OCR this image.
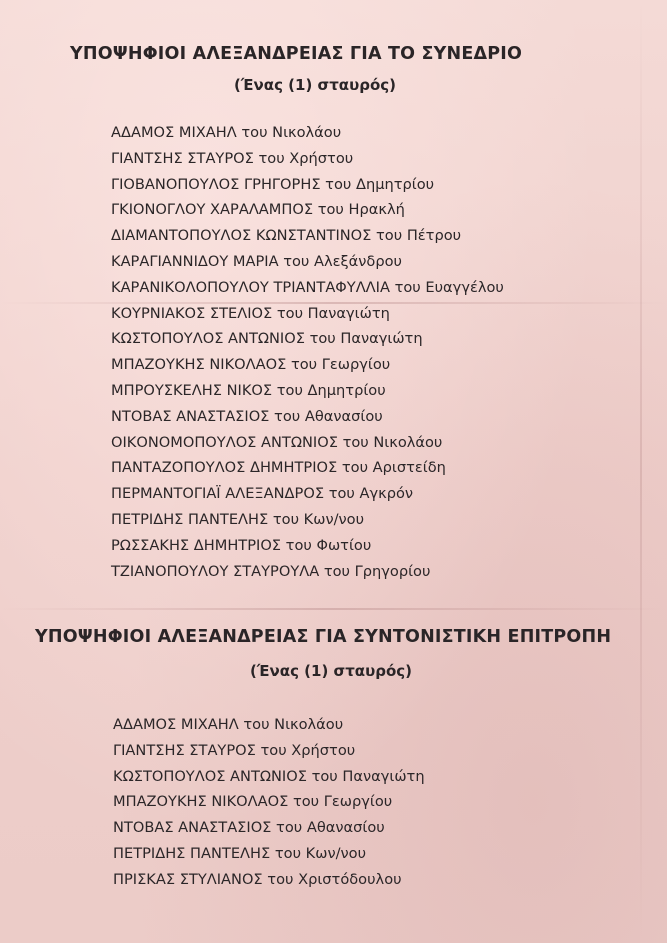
ΥΠΟΨΗΦΙΟΙ ΑΛΕΞΑΝΔΡΕΙΑΣ ΓΙΑ ΤΟ ΣΥΝΕΔΡΙΟ

(Ένας (1) σταυρός)

ΑΔΑΜΟΣ ΜΙΧΑΗΛ του Νικολάου
ΓΙΑΝΤΣΗΣ ΣΤΑΥΡΟΣ του Χρήστου
ΓΙΟΒΑΝΟΠΟΥΛΟΣ ΓΡΗΓΟΡΗΣ του Δημητρίου
ΓΚΙΟΝΟΓΛΟΥ ΧΑΡΑΛΑΜΠΟΣ του Ηρακλή
ΔΙΑΜΑΝΤΟΠΟΥΛΟΣ ΚΩΝΣΤΑΝΤΙΝΟΣ του Πέτρου
ΚΑΡΑΓΙΑΝΝΙΔΟΥ ΜΑΡΙΑ του Αλεξάνδρου
ΚΑΡΑΝΙΚΟΛΟΠΟΥΛΟΥ ΤΡΙΑΝΤΑΦΥΛΛΙΑ του Ευαγγέλου
ΚΟΥΡΝΙΑΚΟΣ ΣΤΕΛΙΟΣ του Παναγιώτη
ΚΩΣΤΟΠΟΥΛΟΣ ΑΝΤΩΝΙΟΣ του Παναγιώτη
ΜΠΑΖΟΥΚΗΣ ΝΙΚΟΛΑΟΣ του Γεωργίου
ΜΠΡΟΥΣΚΕΛΗΣ ΝΙΚΟΣ του Δημητρίου
ΝΤΟΒΑΣ ΑΝΑΣΤΑΣΙΟΣ του Αθανασίου
ΟΙΚΟΝΟΜΟΠΟΥΛΟΣ ΑΝΤΩΝΙΟΣ του Νικολάου
ΠΑΝΤΑΖΟΠΟΥΛΟΣ ΔΗΜΗΤΡΙΟΣ του Αριστείδη
ΠΕΡΜΑΝΤΟΓΙΑΪ ΑΛΕΞΑΝΔΡΟΣ του Αγκρόν
ΠΕΤΡΙΔΗΣ ΠΑΝΤΕΛΗΣ του Κων/νου
ΡΩΣΣΑΚΗΣ ΔΗΜΗΤΡΙΟΣ του Φωτίου
ΤΖΙΑΝΟΠΟΥΛΟΥ ΣΤΑΥΡΟΥΛΑ του Γρηγορίου
ΥΠΟΨΗΦΙΟΙ ΑΛΕΞΑΝΔΡΕΙΑΣ ΓΙΑ ΣΥΝΤΟΝΙΣΤΙΚΗ ΕΠΙΤΡΟΠΗ

(Ένας (1) σταυρός)

ΑΔΑΜΟΣ ΜΙΧΑΗΛ του Νικολάου
ΓΙΑΝΤΣΗΣ ΣΤΑΥΡΟΣ του Χρήστου
ΚΩΣΤΟΠΟΥΛΟΣ ΑΝΤΩΝΙΟΣ του Παναγιώτη
ΜΠΑΖΟΥΚΗΣ ΝΙΚΟΛΑΟΣ του Γεωργίου
ΝΤΟΒΑΣ ΑΝΑΣΤΑΣΙΟΣ του Αθανασίου
ΠΕΤΡΙΔΗΣ ΠΑΝΤΕΛΗΣ του Κων/νου
ΠΡΙΣΚΑΣ ΣΤΥΛΙΑΝΟΣ του Χριστόδουλου
